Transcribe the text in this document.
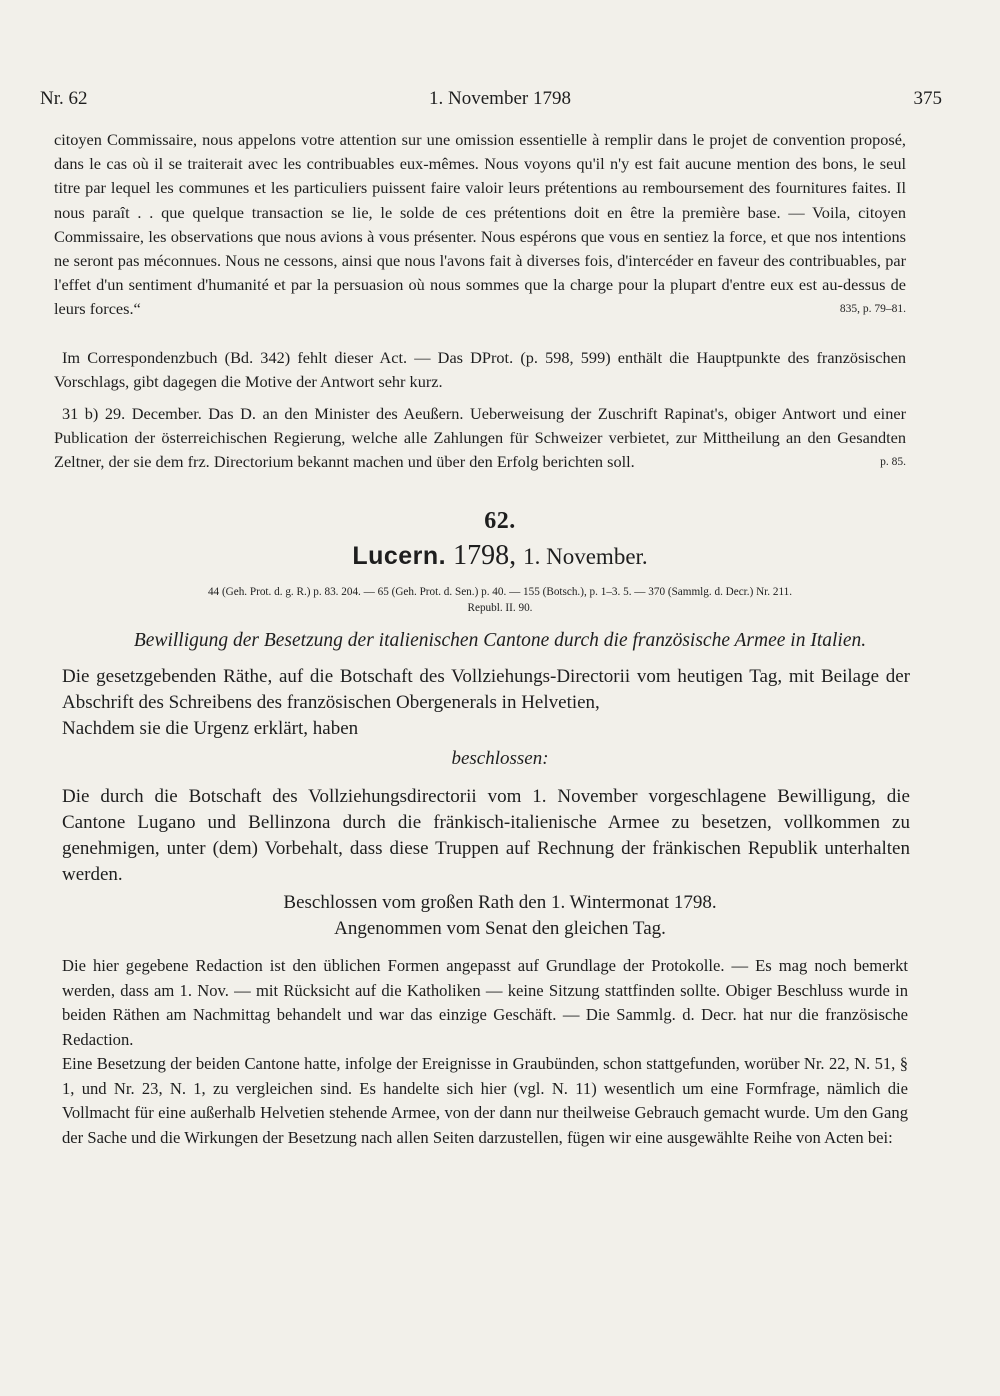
Nr. 62	1. November 1798	375

citoyen Commissaire, nous appelons votre attention sur une omission essentielle à remplir dans le projet de convention proposé, dans le cas où il se traiterait avec les contribuables eux-mêmes. Nous voyons qu'il n'y est fait aucune mention des bons, le seul titre par lequel les communes et les particuliers puissent faire valoir leurs prétentions au remboursement des fournitures faites. Il nous paraît . . que quelque transaction se lie, le solde de ces prétentions doit en être la première base. — Voila, citoyen Commissaire, les observations que nous avions à vous présenter. Nous espérons que vous en sentiez la force, et que nos intentions ne seront pas méconnues. Nous ne cessons, ainsi que nous l'avons fait à diverses fois, d'intercéder en faveur des contribuables, par l'effet d'un sentiment d'humanité et par la persuasion où nous sommes que la charge pour la plupart d'entre eux est au-dessus de leurs forces.“	835, p. 79–81.

Im Correspondenzbuch (Bd. 342) fehlt dieser Act. — Das DProt. (p. 598, 599) enthält die Hauptpunkte des französischen Vorschlags, gibt dagegen die Motive der Antwort sehr kurz.

31 b) 29. December. Das D. an den Minister des Aeußern. Ueberweisung der Zuschrift Rapinat's, obiger Antwort und einer Publication der österreichischen Regierung, welche alle Zahlungen für Schweizer verbietet, zur Mittheilung an den Gesandten Zeltner, der sie dem frz. Directorium bekannt machen und über den Erfolg berichten soll.	p. 85.

62.
Lucern. 1798, 1. November.
44 (Geh. Prot. d. g. R.) p. 83. 204. — 65 (Geh. Prot. d. Sen.) p. 40. — 155 (Botsch.), p. 1–3. 5. — 370 (Sammlg. d. Decr.) Nr. 211.
Republ. II. 90.
Bewilligung der Besetzung der italienischen Cantone durch die französische Armee in Italien.

Die gesetzgebenden Räthe, auf die Botschaft des Vollziehungs-Directorii vom heutigen Tag, mit Beilage der Abschrift des Schreibens des französischen Obergenerals in Helvetien,

Nachdem sie die Urgenz erklärt, haben

beschlossen:

Die durch die Botschaft des Vollziehungsdirectorii vom 1. November vorgeschlagene Bewilligung, die Cantone Lugano und Bellinzona durch die fränkisch-italienische Armee zu besetzen, vollkommen zu genehmigen, unter (dem) Vorbehalt, dass diese Truppen auf Rechnung der fränkischen Republik unterhalten werden.

Beschlossen vom großen Rath den 1. Wintermonat 1798.

Angenommen vom Senat den gleichen Tag.

Die hier gegebene Redaction ist den üblichen Formen angepasst auf Grundlage der Protokolle. — Es mag noch bemerkt werden, dass am 1. Nov. — mit Rücksicht auf die Katholiken — keine Sitzung stattfinden sollte. Obiger Beschluss wurde in beiden Räthen am Nachmittag behandelt und war das einzige Geschäft. — Die Sammlg. d. Decr. hat nur die französische Redaction.

Eine Besetzung der beiden Cantone hatte, infolge der Ereignisse in Graubünden, schon stattgefunden, worüber Nr. 22, N. 51, § 1, und Nr. 23, N. 1, zu vergleichen sind. Es handelte sich hier (vgl. N. 11) wesentlich um eine Formfrage, nämlich die Vollmacht für eine außerhalb Helvetien stehende Armee, von der dann nur theilweise Gebrauch gemacht wurde. Um den Gang der Sache und die Wirkungen der Besetzung nach allen Seiten darzustellen, fügen wir eine ausgewählte Reihe von Acten bei:
